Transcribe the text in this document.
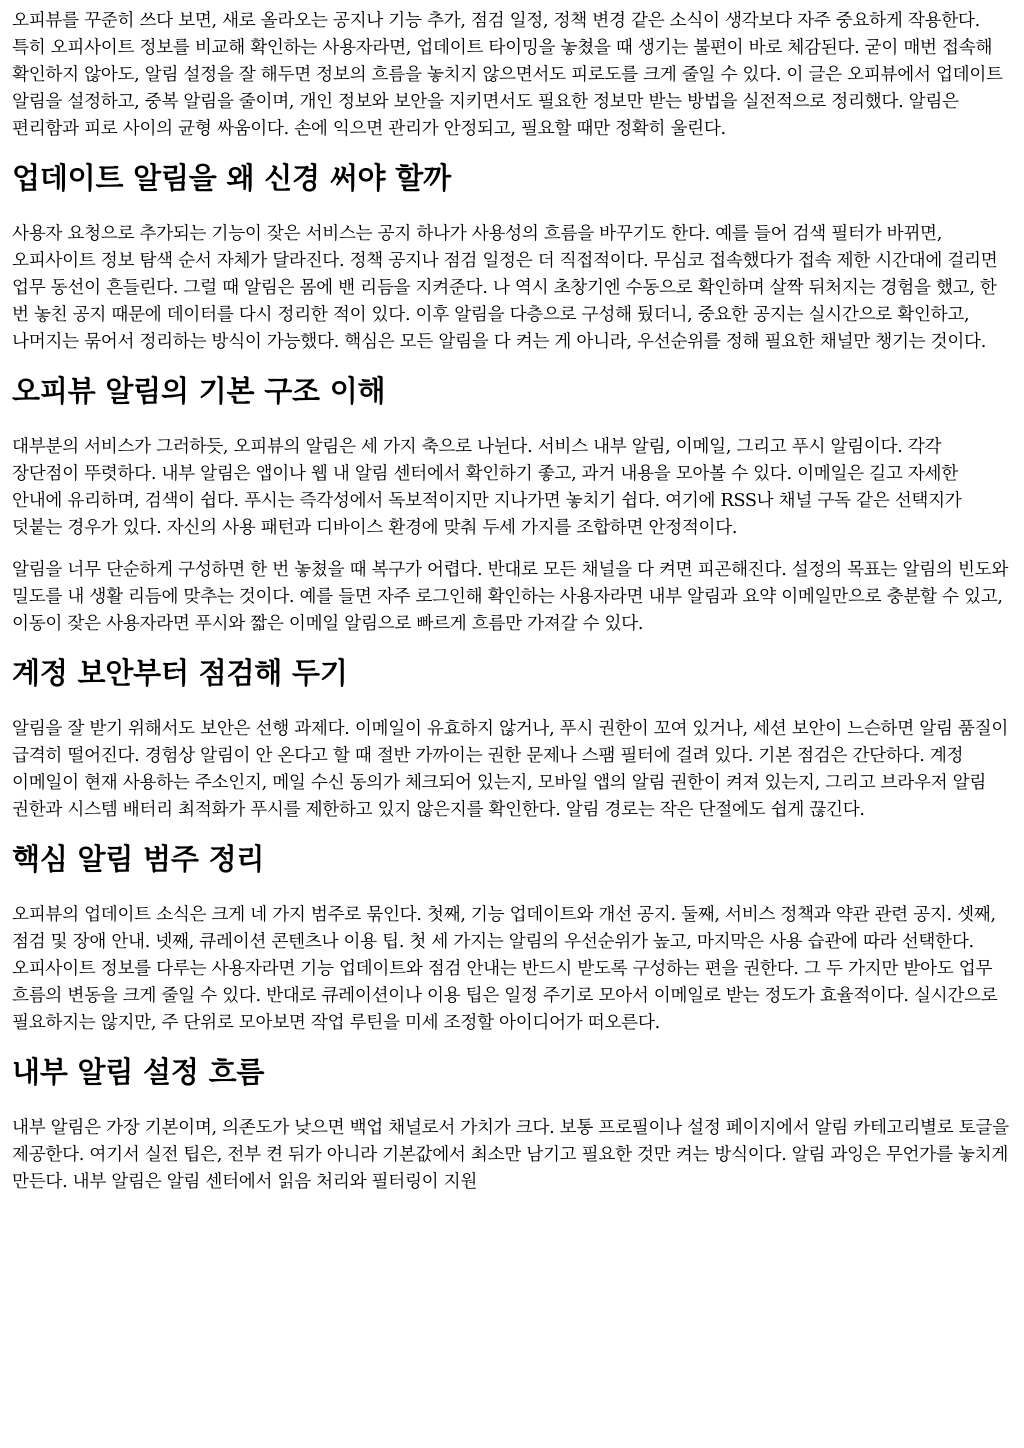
오피뷰를 꾸준히 쓰다 보면, 새로 올라오는 공지나 기능 추가, 점검 일정, 정책 변경 같은 소식이 생각보다 자주 중요하게 작용한다. 특히 오피사이트 정보를 비교해 확인하는 사용자라면, 업데이트 타이밍을 놓쳤을 때 생기는 불편이 바로 체감된다. 굳이 매번 접속해 확인하지 않아도, 알림 설정을 잘 해두면 정보의 흐름을 놓치지 않으면서도 피로도를 크게 줄일 수 있다. 이 글은 오피뷰에서 업데이트 알림을 설정하고, 중복 알림을 줄이며, 개인 정보와 보안을 지키면서도 필요한 정보만 받는 방법을 실전적으로 정리했다. 알림은 편리함과 피로 사이의 균형 싸움이다. 손에 익으면 관리가 안정되고, 필요할 때만 정확히 울린다.

업데이트 알림을 왜 신경 써야 할까

사용자 요청으로 추가되는 기능이 잦은 서비스는 공지 하나가 사용성의 흐름을 바꾸기도 한다. 예를 들어 검색 필터가 바뀌면, 오피사이트 정보 탐색 순서 자체가 달라진다. 정책 공지나 점검 일정은 더 직접적이다. 무심코 접속했다가 접속 제한 시간대에 걸리면 업무 동선이 흔들린다. 그럴 때 알림은 몸에 밴 리듬을 지켜준다. 나 역시 초창기엔 수동으로 확인하며 살짝 뒤처지는 경험을 했고, 한 번 놓친 공지 때문에 데이터를 다시 정리한 적이 있다. 이후 알림을 다층으로 구성해 뒀더니, 중요한 공지는 실시간으로 확인하고, 나머지는 묶어서 정리하는 방식이 가능했다. 핵심은 모든 알림을 다 켜는 게 아니라, 우선순위를 정해 필요한 채널만 챙기는 것이다.

오피뷰 알림의 기본 구조 이해

대부분의 서비스가 그러하듯, 오피뷰의 알림은 세 가지 축으로 나뉜다. 서비스 내부 알림, 이메일, 그리고 푸시 알림이다. 각각 장단점이 뚜렷하다. 내부 알림은 앱이나 웹 내 알림 센터에서 확인하기 좋고, 과거 내용을 모아볼 수 있다. 이메일은 길고 자세한 안내에 유리하며, 검색이 쉽다. 푸시는 즉각성에서 독보적이지만 지나가면 놓치기 쉽다. 여기에 RSS나 채널 구독 같은 선택지가 덧붙는 경우가 있다. 자신의 사용 패턴과 디바이스 환경에 맞춰 두세 가지를 조합하면 안정적이다.

알림을 너무 단순하게 구성하면 한 번 놓쳤을 때 복구가 어렵다. 반대로 모든 채널을 다 켜면 피곤해진다. 설정의 목표는 알림의 빈도와 밀도를 내 생활 리듬에 맞추는 것이다. 예를 들면 자주 로그인해 확인하는 사용자라면 내부 알림과 요약 이메일만으로 충분할 수 있고, 이동이 잦은 사용자라면 푸시와 짧은 이메일 알림으로 빠르게 흐름만 가져갈 수 있다.

계정 보안부터 점검해 두기

알림을 잘 받기 위해서도 보안은 선행 과제다. 이메일이 유효하지 않거나, 푸시 권한이 꼬여 있거나, 세션 보안이 느슨하면 알림 품질이 급격히 떨어진다. 경험상 알림이 안 온다고 할 때 절반 가까이는 권한 문제나 스팸 필터에 걸려 있다. 기본 점검은 간단하다. 계정 이메일이 현재 사용하는 주소인지, 메일 수신 동의가 체크되어 있는지, 모바일 앱의 알림 권한이 켜져 있는지, 그리고 브라우저 알림 권한과 시스템 배터리 최적화가 푸시를 제한하고 있지 않은지를 확인한다. 알림 경로는 작은 단절에도 쉽게 끊긴다.

핵심 알림 범주 정리

오피뷰의 업데이트 소식은 크게 네 가지 범주로 묶인다. 첫째, 기능 업데이트와 개선 공지. 둘째, 서비스 정책과 약관 관련 공지. 셋째, 점검 및 장애 안내. 넷째, 큐레이션 콘텐츠나 이용 팁. 첫 세 가지는 알림의 우선순위가 높고, 마지막은 사용 습관에 따라 선택한다. 오피사이트 정보를 다루는 사용자라면 기능 업데이트와 점검 안내는 반드시 받도록 구성하는 편을 권한다. 그 두 가지만 받아도 업무 흐름의 변동을 크게 줄일 수 있다. 반대로 큐레이션이나 이용 팁은 일정 주기로 모아서 이메일로 받는 정도가 효율적이다. 실시간으로 필요하지는 않지만, 주 단위로 모아보면 작업 루틴을 미세 조정할 아이디어가 떠오른다.

내부 알림 설정 흐름

내부 알림은 가장 기본이며, 의존도가 낮으면 백업 채널로서 가치가 크다. 보통 프로필이나 설정 페이지에서 알림 카테고리별로 토글을 제공한다. 여기서 실전 팁은, 전부 켠 뒤가 아니라 기본값에서 최소만 남기고 필요한 것만 켜는 방식이다. 알림 과잉은 무언가를 놓치게 만든다. 내부 알림은 알림 센터에서 읽음 처리와 필터링이 지원
